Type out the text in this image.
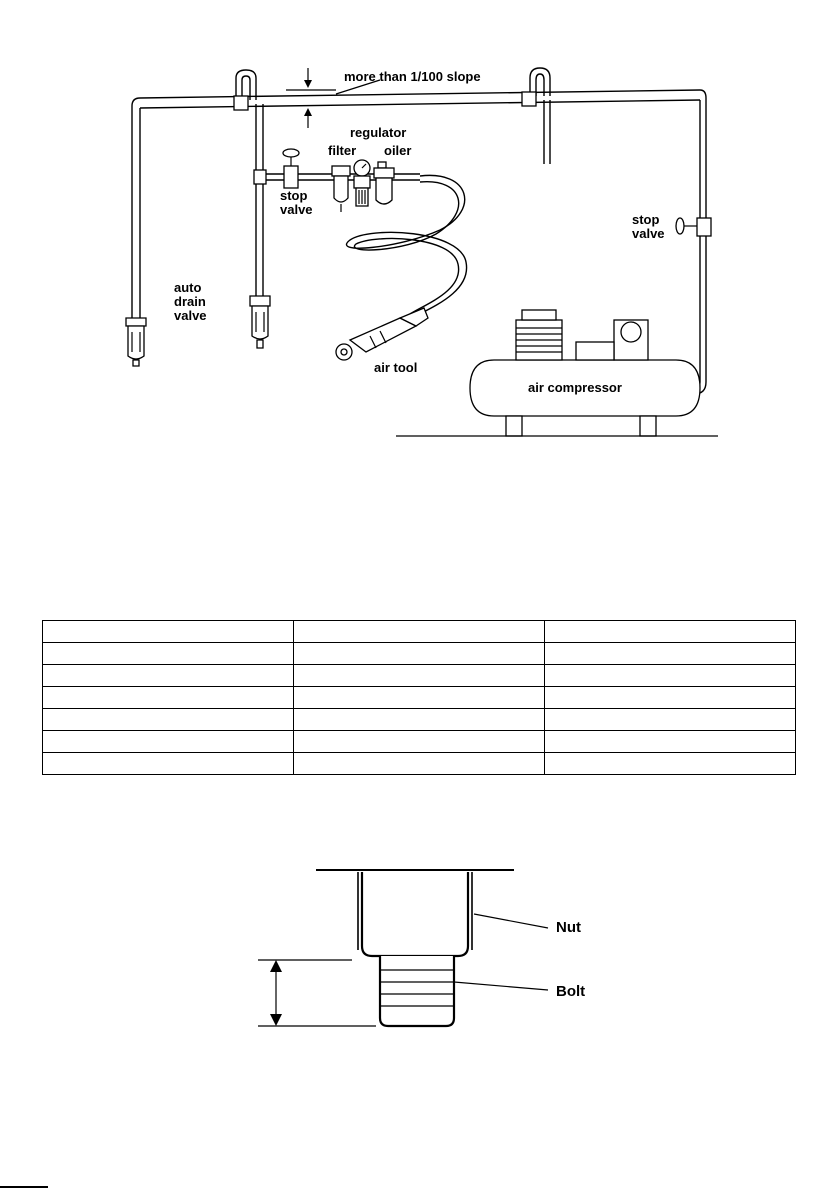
more than 1/100 slope
regulator
filter oiler
stop
valve
stop
valve
auto
drain
valve
air tool
air compressor

Nut
Bolt
